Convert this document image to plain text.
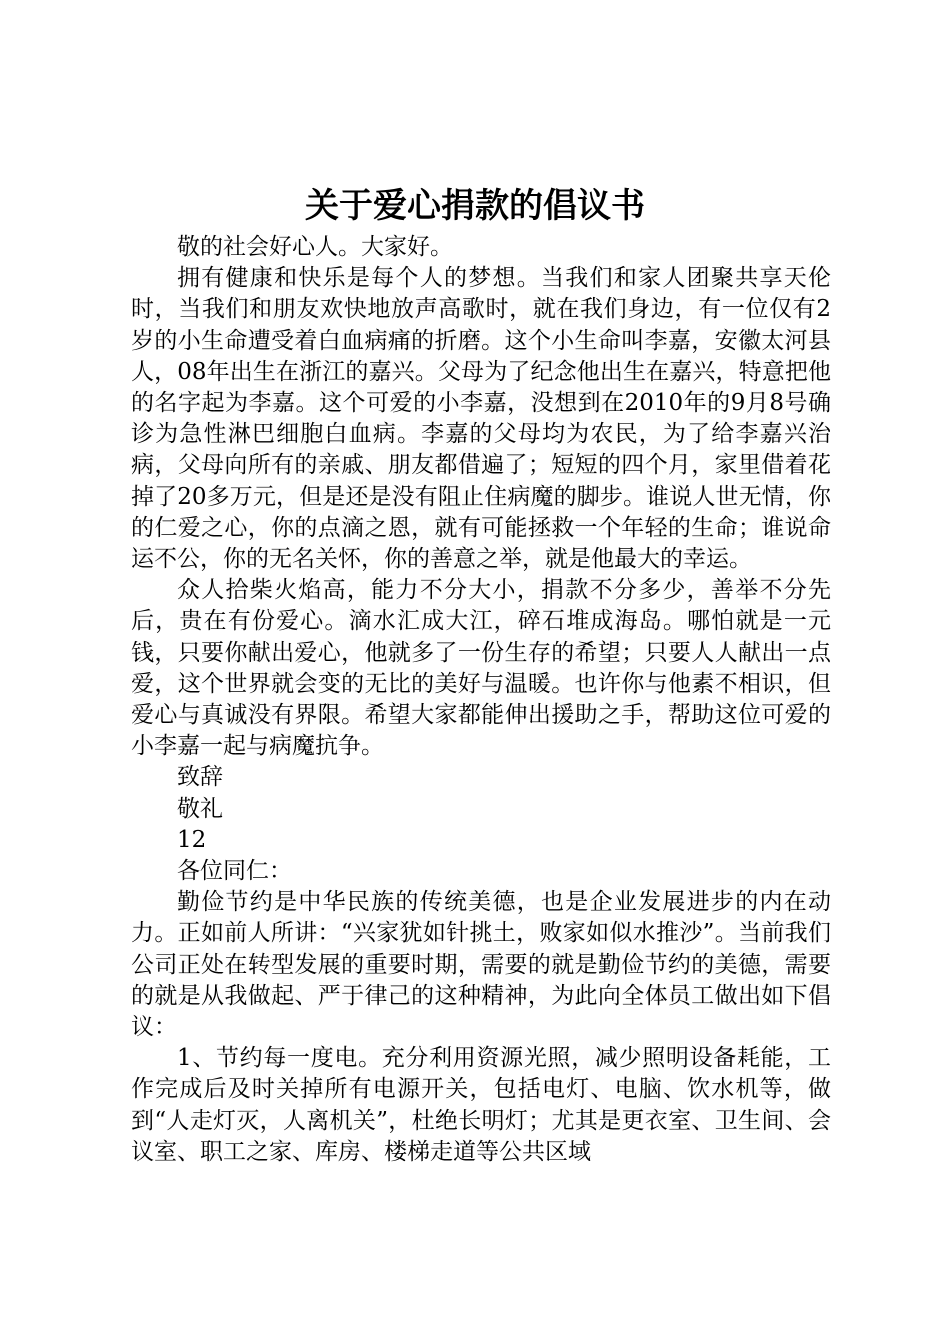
关于爱心捐款的倡议书

敬的社会好心人。大家好。

拥有健康和快乐是每个人的梦想。当我们和家人团聚共享天伦时，当我们和朋友欢快地放声高歌时，就在我们身边，有一位仅有2岁的小生命遭受着白血病痛的折磨。这个小生命叫李嘉，安徽太河县人，08年出生在浙江的嘉兴。父母为了纪念他出生在嘉兴，特意把他的名字起为李嘉。这个可爱的小李嘉，没想到在2010年的9月8号确诊为急性淋巴细胞白血病。李嘉的父母均为农民，为了给李嘉兴治病，父母向所有的亲戚、朋友都借遍了；短短的四个月，家里借着花掉了20多万元，但是还是没有阻止住病魔的脚步。谁说人世无情，你的仁爱之心，你的点滴之恩，就有可能拯救一个年轻的生命；谁说命运不公，你的无名关怀，你的善意之举，就是他最大的幸运。

众人拾柴火焰高，能力不分大小，捐款不分多少，善举不分先后，贵在有份爱心。滴水汇成大江，碎石堆成海岛。哪怕就是一元钱，只要你献出爱心，他就多了一份生存的希望；只要人人献出一点爱，这个世界就会变的无比的美好与温暖。也许你与他素不相识，但爱心与真诚没有界限。希望大家都能伸出援助之手，帮助这位可爱的小李嘉一起与病魔抗争。

致辞

敬礼

12

各位同仁：

勤俭节约是中华民族的传统美德，也是企业发展进步的内在动力。正如前人所讲：“兴家犹如针挑土，败家如似水推沙”。当前我们公司正处在转型发展的重要时期，需要的就是勤俭节约的美德，需要的就是从我做起、严于律己的这种精神，为此向全体员工做出如下倡议：

1、节约每一度电。充分利用资源光照，减少照明设备耗能，工作完成后及时关掉所有电源开关，包括电灯、电脑、饮水机等，做到“人走灯灭，人离机关”，杜绝长明灯；尤其是更衣室、卫生间、会议室、职工之家、库房、楼梯走道等公共区域
